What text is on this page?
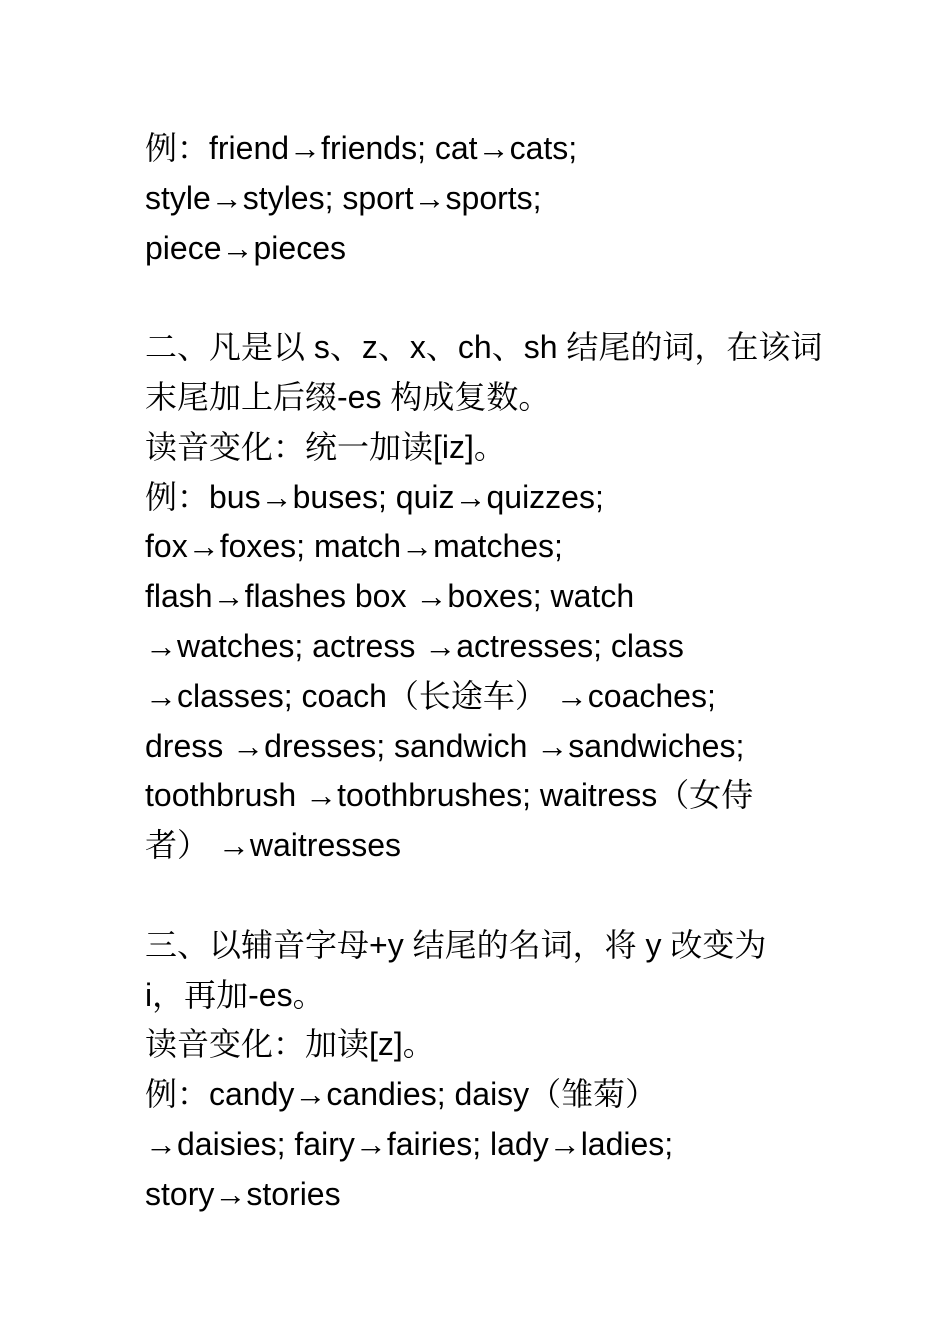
例：friend→friends; cat→cats;
style→styles; sport→sports;
piece→pieces
二、凡是以 s、z、x、ch、sh 结尾的词，在该词
末尾加上后缀-es 构成复数。
读音变化：统一加读[iz]。
例：bus→buses; quiz→quizzes;
fox→foxes; match→matches;
flash→flashes box →boxes; watch
→watches; actress →actresses; class
→classes; coach（长途车） →coaches;
dress →dresses; sandwich →sandwiches;
toothbrush →toothbrushes; waitress（女侍
者） →waitresses
三、以辅音字母+y 结尾的名词，将 y 改变为
i，再加-es。
读音变化：加读[z]。
例：candy→candies; daisy（雏菊）
→daisies; fairy→fairies; lady→ladies;
story→stories
